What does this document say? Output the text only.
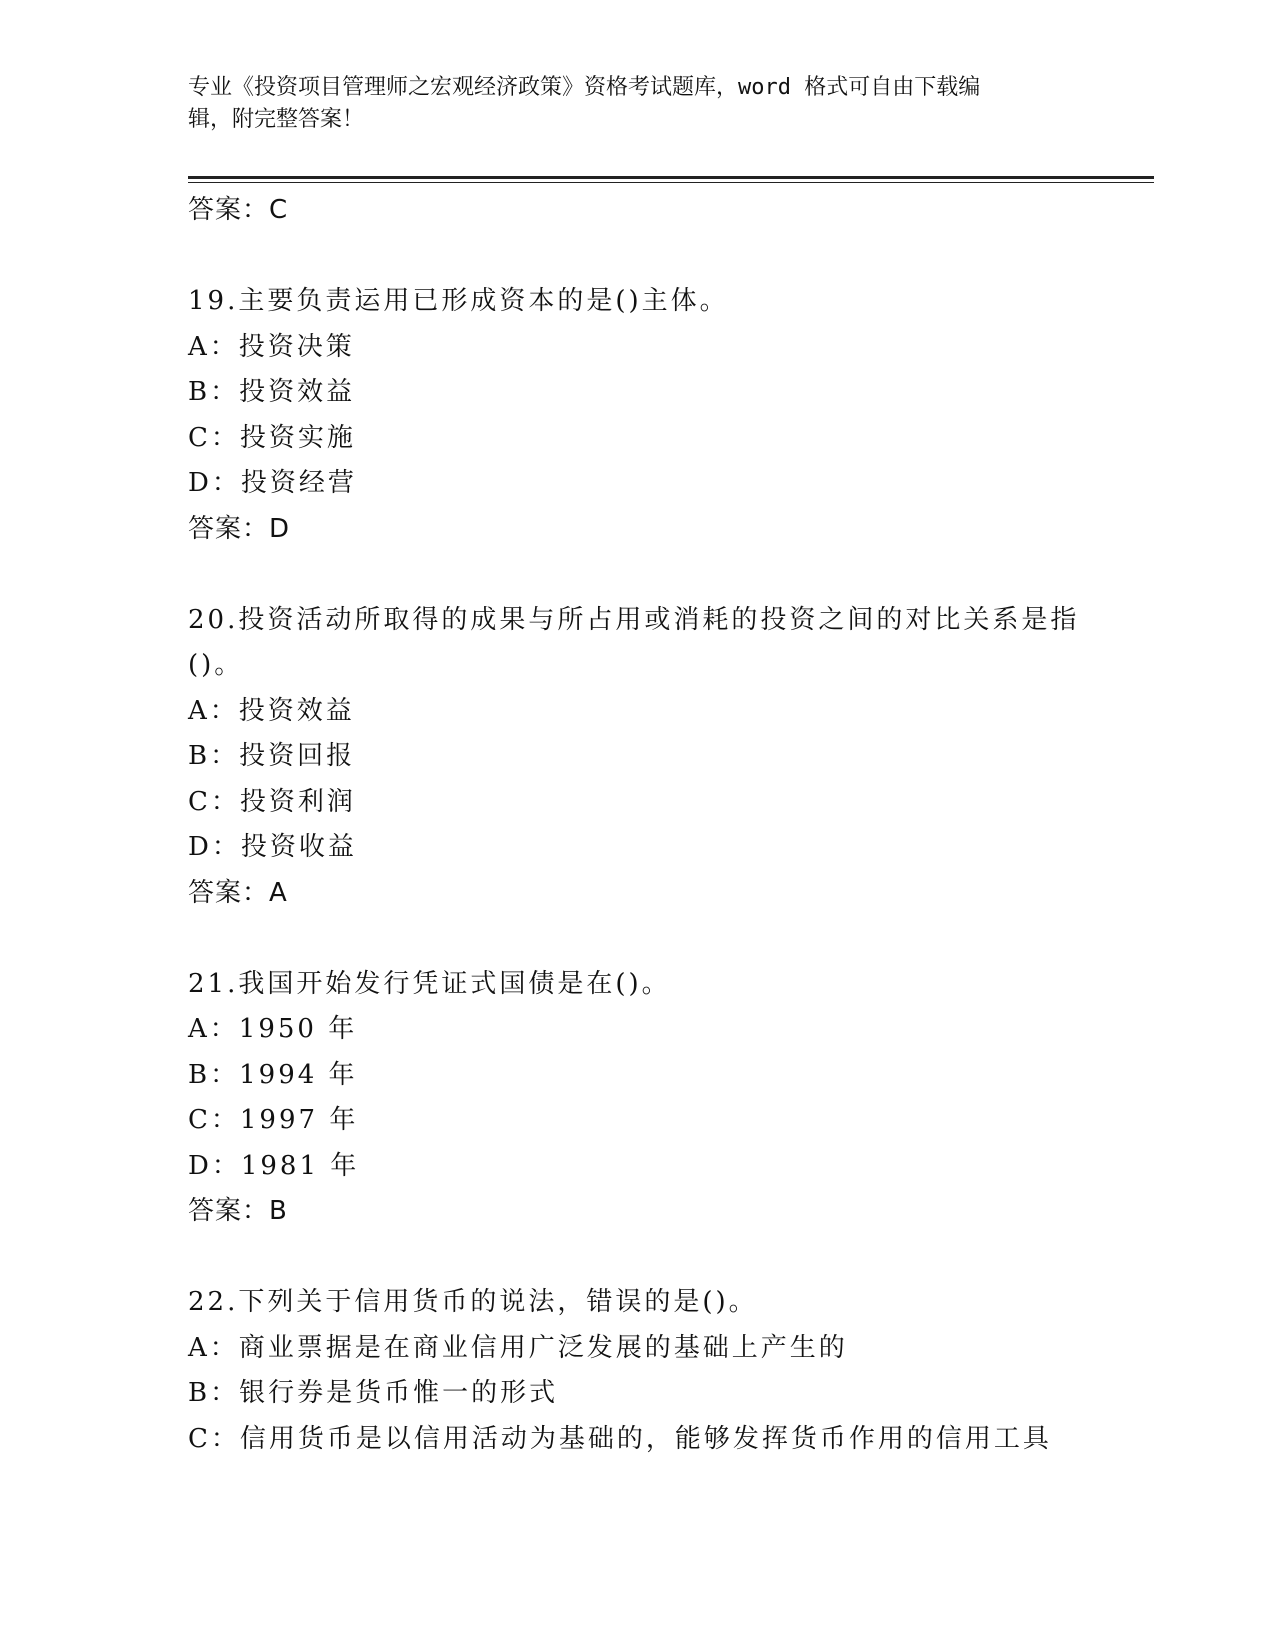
专业《投资项目管理师之宏观经济政策》资格考试题库，word 格式可自由下载编
辑，附完整答案！
答案：C
19.主要负责运用已形成资本的是()主体。
A：投资决策
B：投资效益
C：投资实施
D：投资经营
答案：D
20.投资活动所取得的成果与所占用或消耗的投资之间的对比关系是指
()。
A：投资效益
B：投资回报
C：投资利润
D：投资收益
答案：A
21.我国开始发行凭证式国债是在()。
A：1950 年
B：1994 年
C：1997 年
D：1981 年
答案：B
22.下列关于信用货币的说法，错误的是()。
A：商业票据是在商业信用广泛发展的基础上产生的
B：银行券是货币惟一的形式
C：信用货币是以信用活动为基础的，能够发挥货币作用的信用工具
